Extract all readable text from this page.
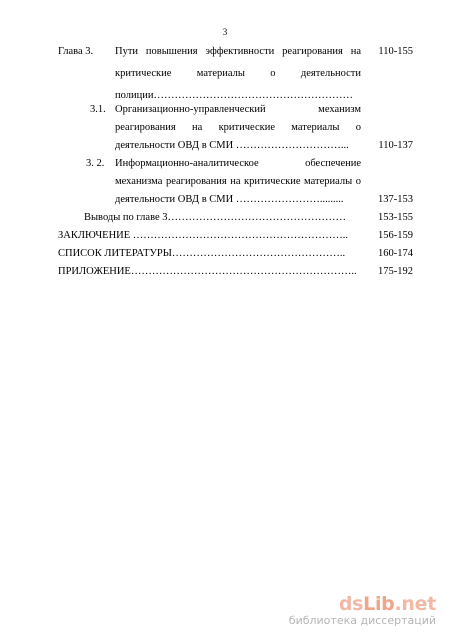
3
Глава 3. Пути повышения эффективности реагирования на
критические материалы о деятельности
полиции…………………………………………………
110-155
3.1. Организационно-управленческий механизм
реагирования на критические материалы о
деятельности ОВД в СМИ …………………………...	110-137
3. 2. Информационно-аналитическое обеспечение
механизма реагирования на критические материалы о
деятельности ОВД в СМИ …………………….........	137-153
Выводы по главе 3……………………………………………	153-155
ЗАКЛЮЧЕНИЕ ……………………………………………………..	156-159
СПИСОК ЛИТЕРАТУРЫ…………………………………………..	160-174
ПРИЛОЖЕНИЕ……………………………………………………….. 175-192
dsLib.net
библиотека диссертаций
